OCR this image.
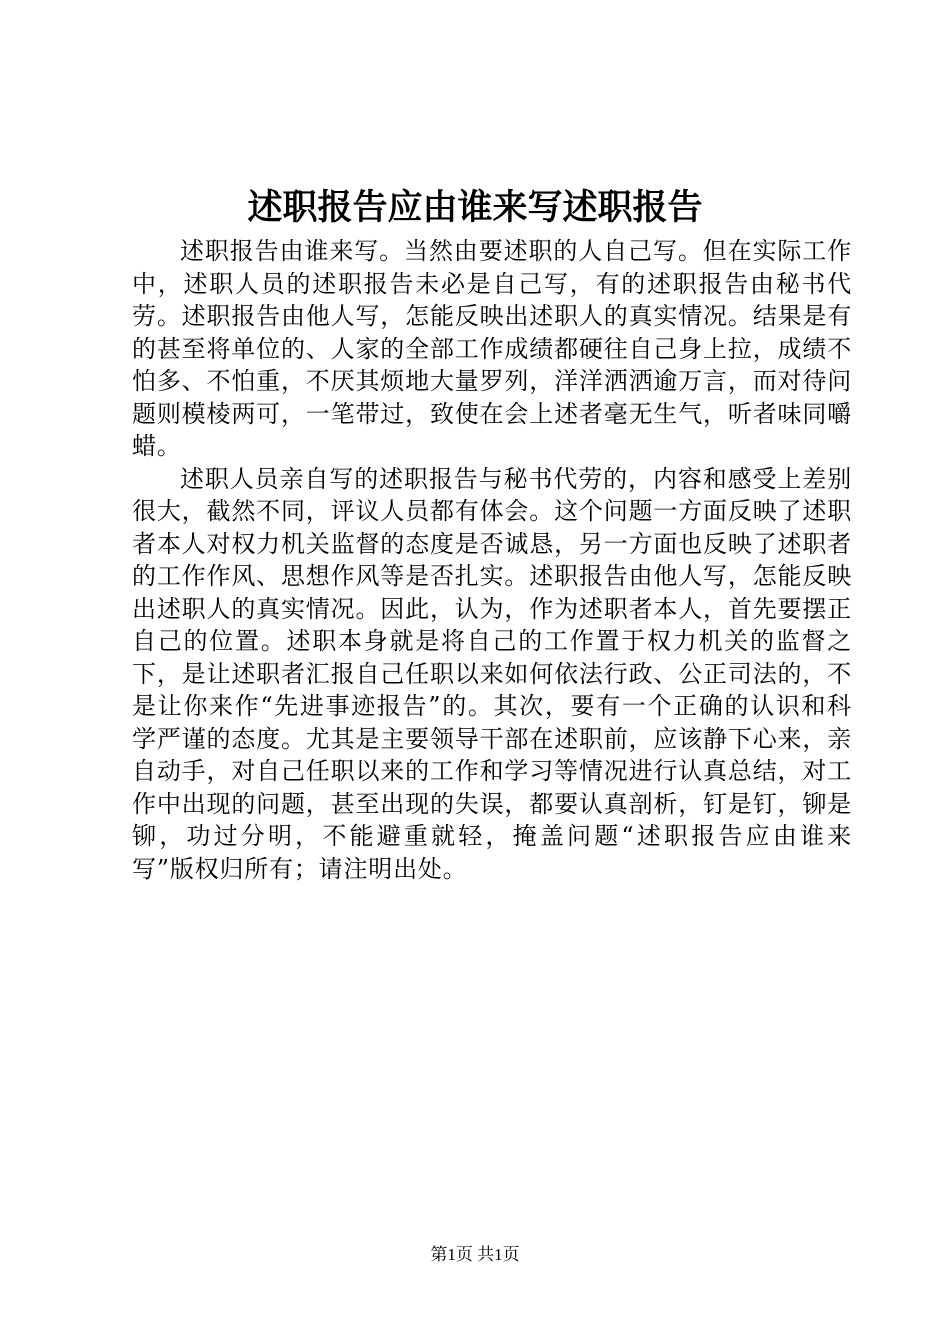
述职报告应由谁来写述职报告

述职报告由谁来写。当然由要述职的人自己写。但在实际工作中，述职人员的述职报告未必是自己写，有的述职报告由秘书代劳。述职报告由他人写，怎能反映出述职人的真实情况。结果是有的甚至将单位的、人家的全部工作成绩都硬往自己身上拉，成绩不怕多、不怕重，不厌其烦地大量罗列，洋洋洒洒逾万言，而对待问题则模棱两可，一笔带过，致使在会上述者毫无生气，听者味同嚼蜡。

述职人员亲自写的述职报告与秘书代劳的，内容和感受上差别很大，截然不同，评议人员都有体会。这个问题一方面反映了述职者本人对权力机关监督的态度是否诚恳，另一方面也反映了述职者的工作作风、思想作风等是否扎实。述职报告由他人写，怎能反映出述职人的真实情况。因此，认为，作为述职者本人，首先要摆正自己的位置。述职本身就是将自己的工作置于权力机关的监督之下，是让述职者汇报自己任职以来如何依法行政、公正司法的，不是让你来作“先进事迹报告”的。其次，要有一个正确的认识和科学严谨的态度。尤其是主要领导干部在述职前，应该静下心来，亲自动手，对自己任职以来的工作和学习等情况进行认真总结，对工作中出现的问题，甚至出现的失误，都要认真剖析，钉是钉，铆是铆，功过分明，不能避重就轻，掩盖问题“述职报告应由谁来写”版权归所有；请注明出处。

第1页 共1页
